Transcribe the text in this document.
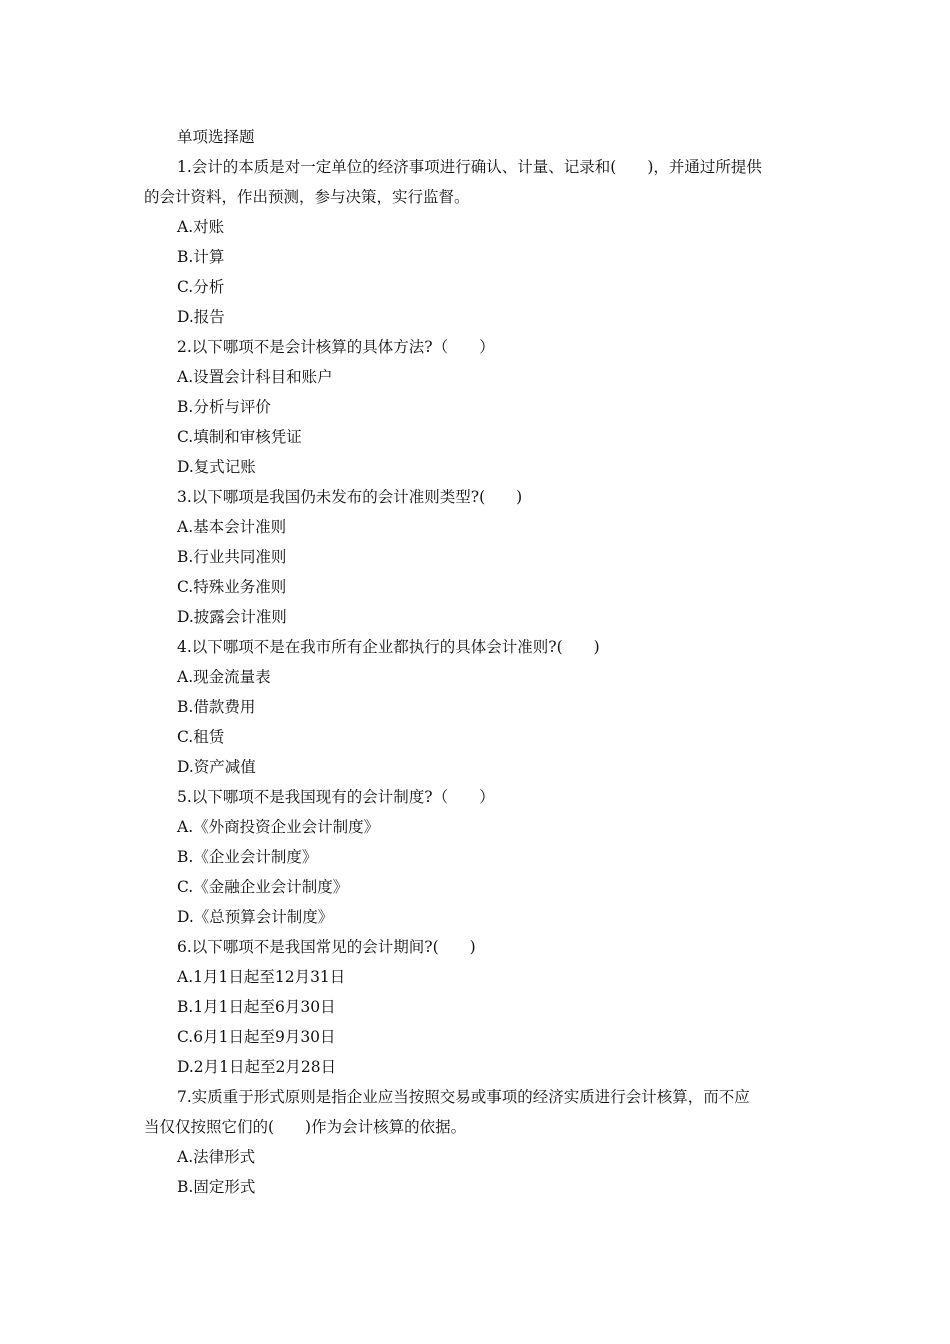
单项选择题
1.会计的本质是对一定单位的经济事项进行确认、计量、记录和(　　)，并通过所提供
的会计资料，作出预测，参与决策，实行监督。
A.对账
B.计算
C.分析
D.报告
2.以下哪项不是会计核算的具体方法?（　　）
A.设置会计科目和账户
B.分析与评价
C.填制和审核凭证
D.复式记账
3.以下哪项是我国仍未发布的会计准则类型?(　　)
A.基本会计准则
B.行业共同准则
C.特殊业务准则
D.披露会计准则
4.以下哪项不是在我市所有企业都执行的具体会计准则?(　　)
A.现金流量表
B.借款费用
C.租赁
D.资产减值
5.以下哪项不是我国现有的会计制度?（　　）
A.《外商投资企业会计制度》
B.《企业会计制度》
C.《金融企业会计制度》
D.《总预算会计制度》
6.以下哪项不是我国常见的会计期间?(　　)
A.1月1日起至12月31日
B.1月1日起至6月30日
C.6月1日起至9月30日
D.2月1日起至2月28日
7.实质重于形式原则是指企业应当按照交易或事项的经济实质进行会计核算，而不应
当仅仅按照它们的(　　)作为会计核算的依据。
A.法律形式
B.固定形式
